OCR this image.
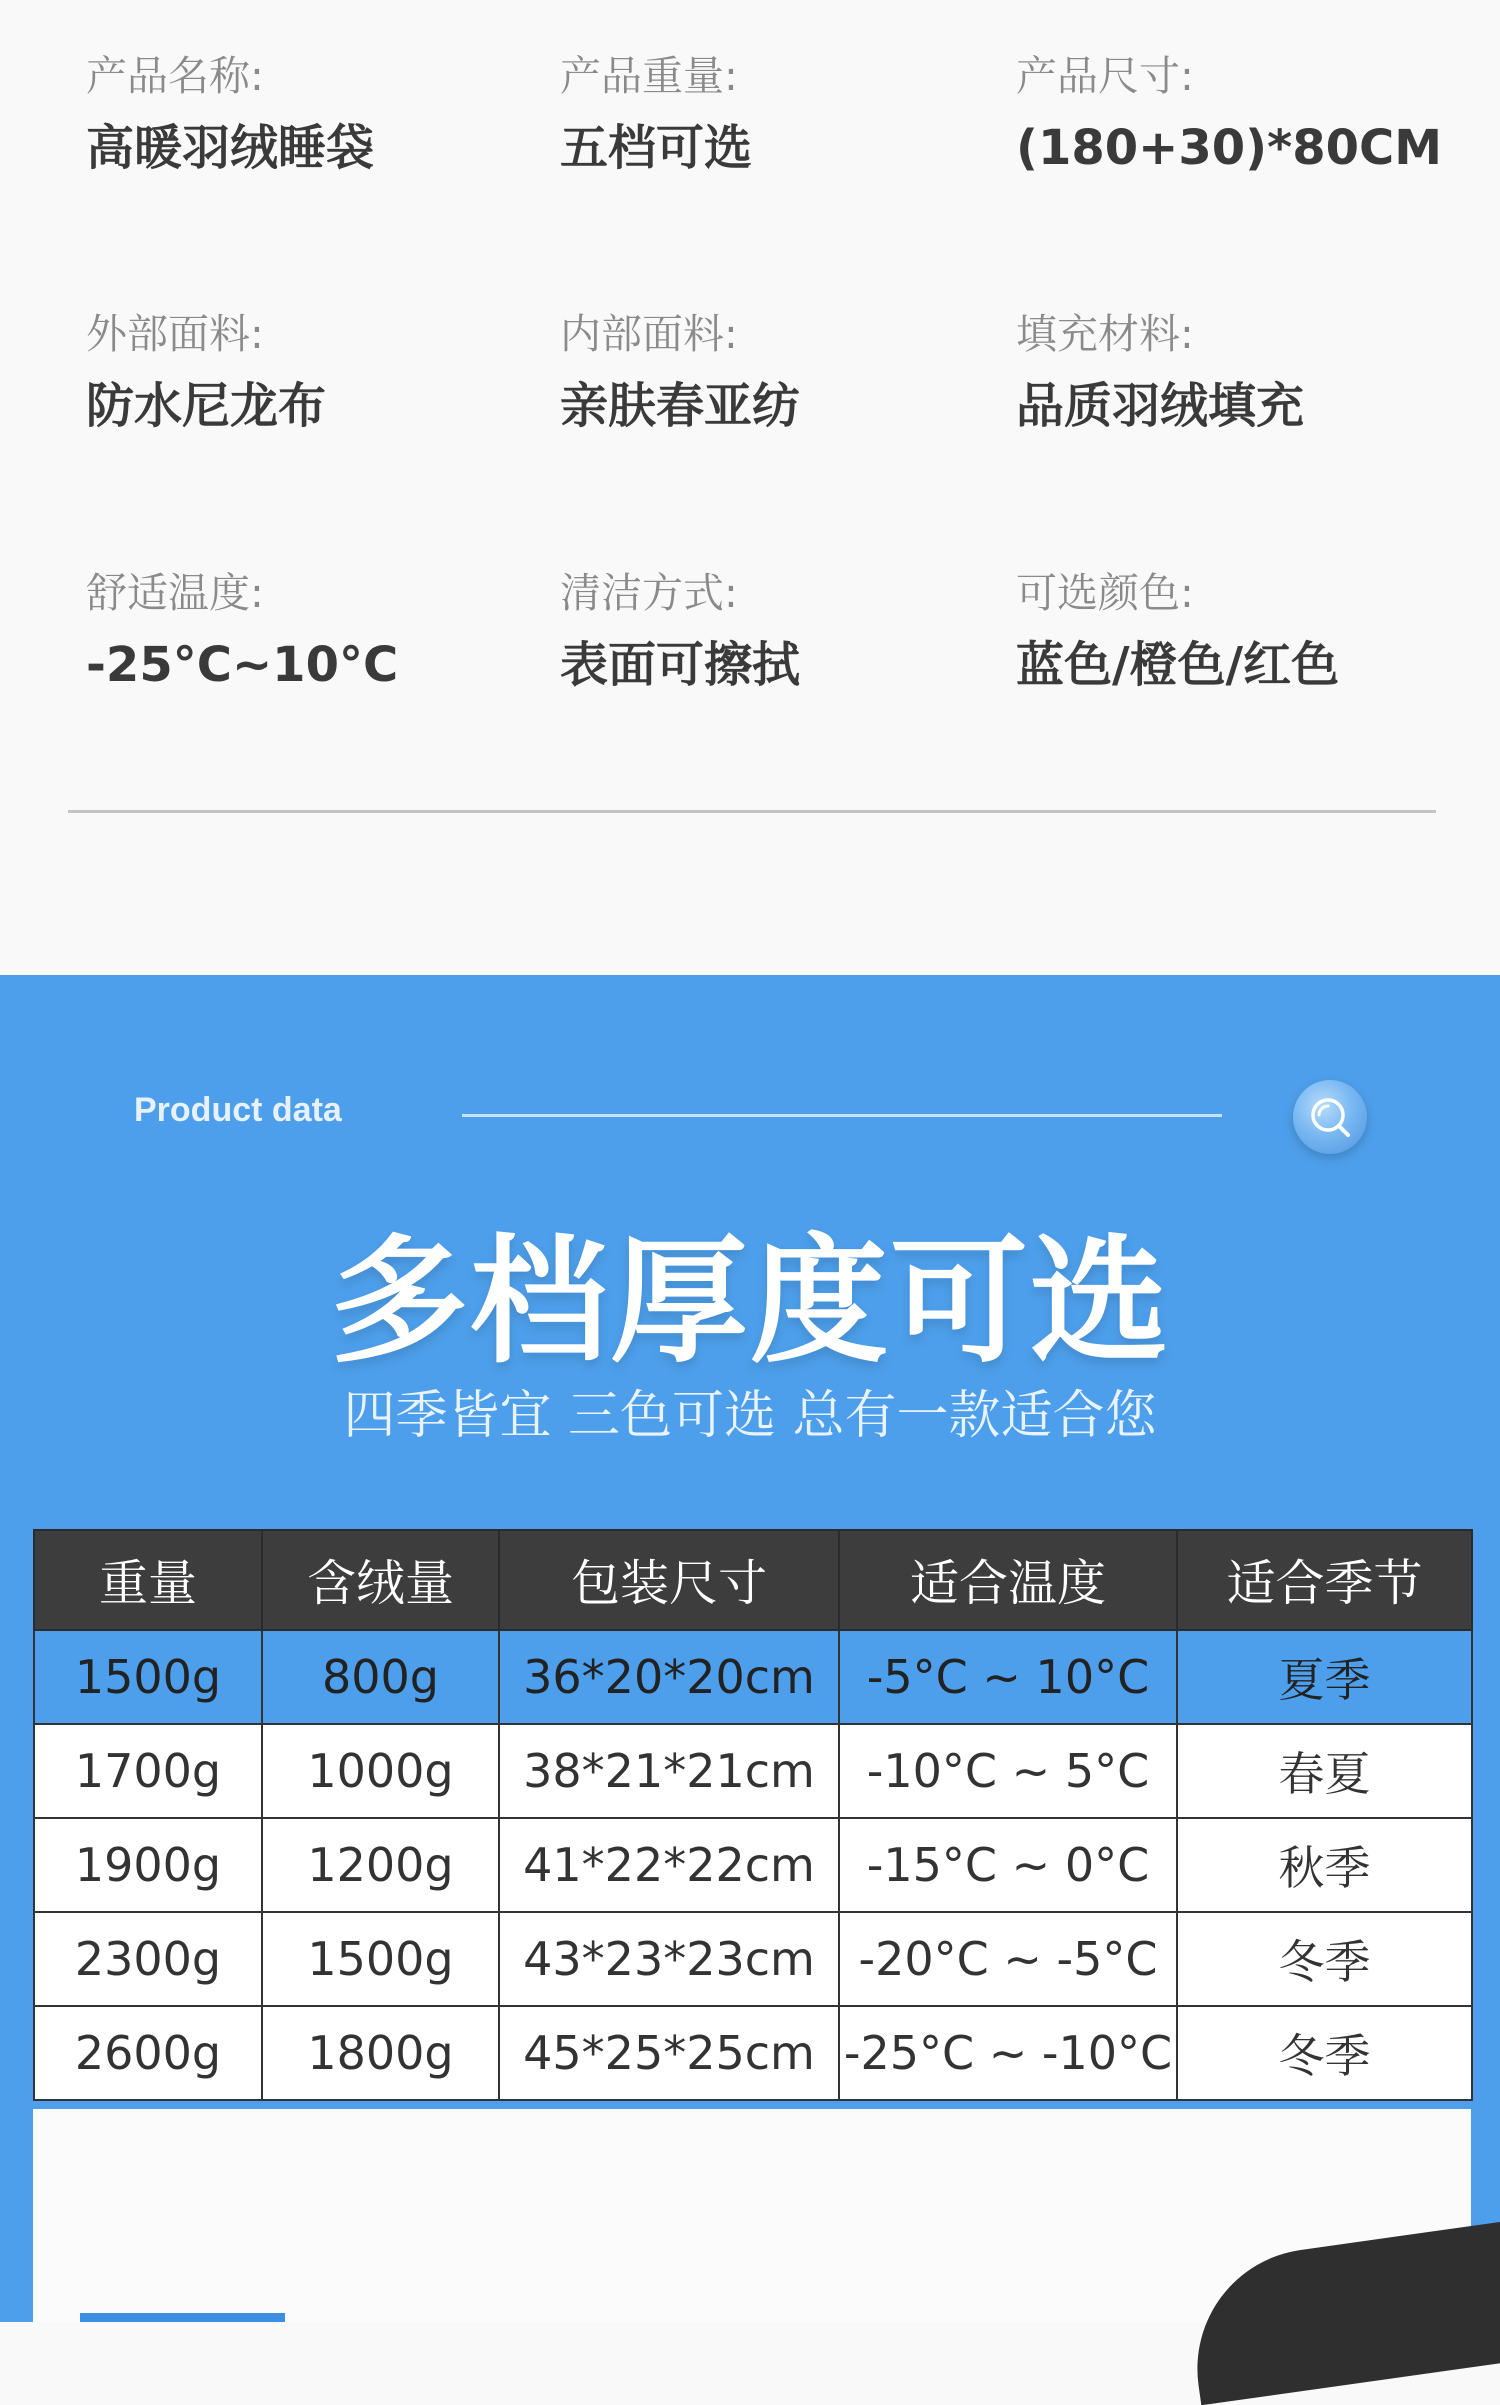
产品名称:
高暖羽绒睡袋
产品重量:
五档可选
产品尺寸:
(180+30)*80CM
外部面料:
防水尼龙布
内部面料:
亲肤春亚纺
填充材料:
品质羽绒填充
舒适温度:
-25°C~10°C
清洁方式:
表面可擦拭
可选颜色:
蓝色/橙色/红色
Product data
多档厚度可选
四季皆宜 三色可选 总有一款适合您
重量	含绒量	包装尺寸	适合温度	适合季节
1500g	800g	36*20*20cm	-5°C ~ 10°C	夏季
1700g	1000g	38*21*21cm	-10°C ~ 5°C	春夏
1900g	1200g	41*22*22cm	-15°C ~ 0°C	秋季
2300g	1500g	43*23*23cm	-20°C ~ -5°C	冬季
2600g	1800g	45*25*25cm	-25°C ~ -10°C	冬季
